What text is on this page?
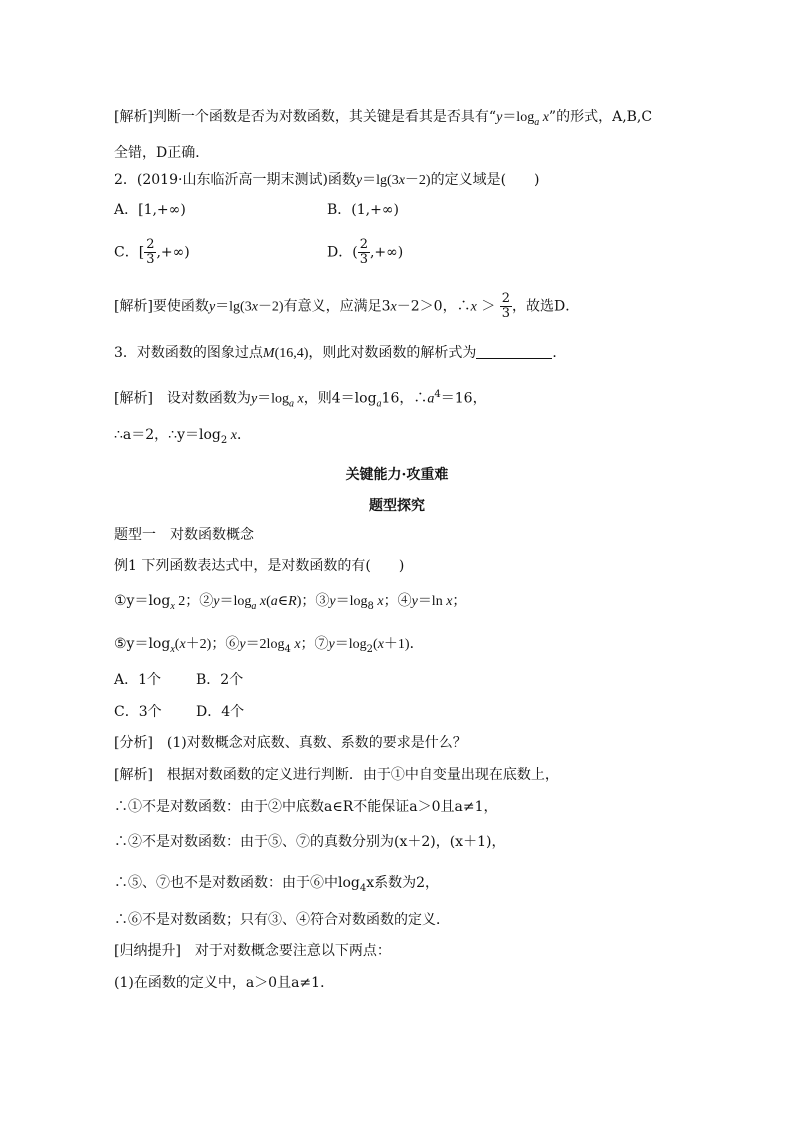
[解析]判断一个函数是否为对数函数，其关键是看其是否具有“$y=\log_a$ x”的形式，A,B,C
全错，D正确．
2．(2019·山东临沂高一期末测试)函数y＝lg(3x－2)的定义域是(　　)
A．[1,+∞)	B．(1,+∞)
C．[ $\frac{2}{3}$ ,+∞)	D．( $\frac{2}{3}$ ,+∞)
[解析]要使函数y＝lg(3x－2)有意义，应满足3x－2＞0，∴x ＞ $\frac{2}{3}$ ，故选D．
3．对数函数的图象过点M(16,4)，则此对数函数的解析式为	．
[解析]　设对数函数为$y=\log_a$ x，则$4=\log_a16$，$\therefore a^4=16$，
∴a＝2，$\therefore y=\log_2$ x．
关键能力·攻重难
题型探究
题型一　对数函数概念
例1 下列函数表达式中，是对数函数的有(　　)
$①y=\log_x$ 2；$②y=\log_a$ x(a∈R)；$③y=\log_8$ x；④y＝ln x；
$⑤y=\log_x(x+2)$；$⑥y=2\log_4$ x；$⑦y=\log_2(x+1)$．
A．1个 B．2个
C．3个 D．4个
[分析]　(1)对数概念对底数、真数、系数的要求是什么？
[解析]　根据对数函数的定义进行判断．由于①中自变量出现在底数上，
∴①不是对数函数：由于②中底数a∈R不能保证a＞0且a≠1，
∴②不是对数函数：由于⑤、⑦的真数分别为(x＋2)，(x＋1)，
∴⑤、⑦也不是对数函数：由于⑥中$\log_4x$系数为2，
∴⑥不是对数函数；只有③、④符合对数函数的定义．
[归纳提升]　对于对数概念要注意以下两点：
(1)在函数的定义中，a＞0且a≠1．
